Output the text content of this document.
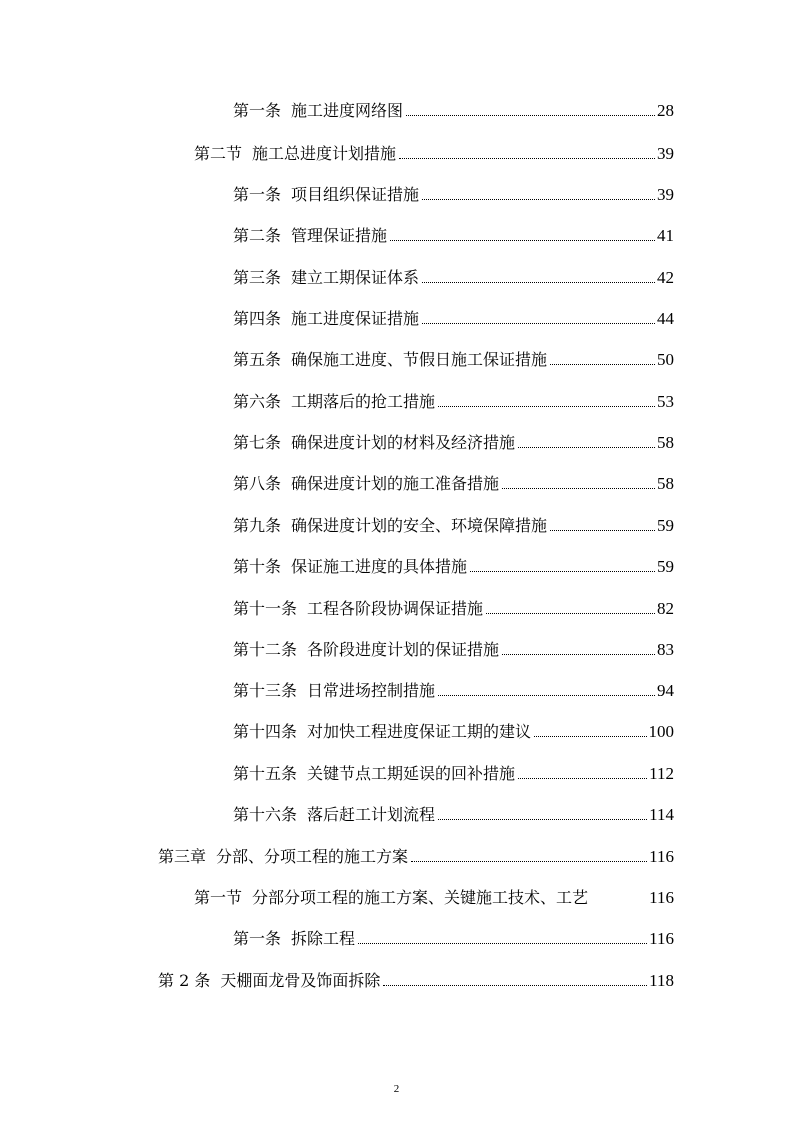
第一条 施工进度网络图	28
第二节 施工总进度计划措施	39
第一条 项目组织保证措施	39
第二条 管理保证措施	41
第三条 建立工期保证体系	42
第四条 施工进度保证措施	44
第五条 确保施工进度、节假日施工保证措施	50
第六条 工期落后的抢工措施	53
第七条 确保进度计划的材料及经济措施	58
第八条 确保进度计划的施工准备措施	58
第九条 确保进度计划的安全、环境保障措施	59
第十条 保证施工进度的具体措施	59
第十一条 工程各阶段协调保证措施	82
第十二条 各阶段进度计划的保证措施	83
第十三条 日常进场控制措施	94
第十四条 对加快工程进度保证工期的建议	100
第十五条 关键节点工期延误的回补措施	112
第十六条 落后赶工计划流程	114
第三章 分部、分项工程的施工方案	116
第一节 分部分项工程的施工方案、关键施工技术、工艺	116
第一条 拆除工程	116
第 2 条 天棚面龙骨及饰面拆除	118
2
